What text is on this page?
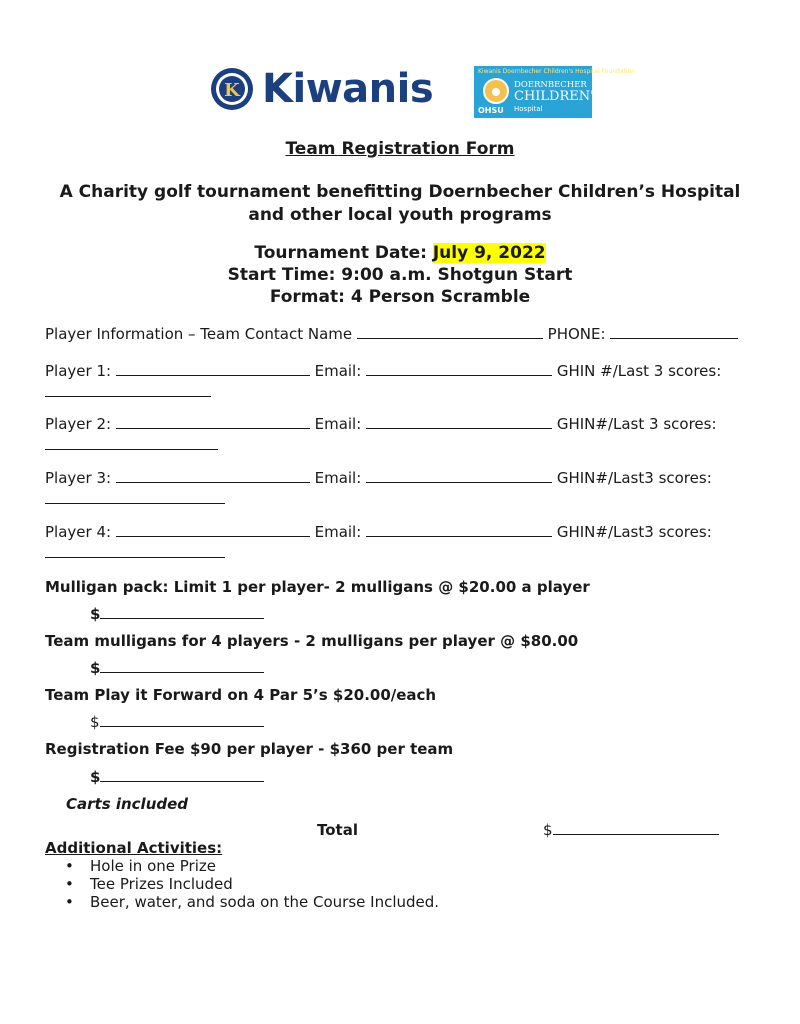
K Kiwanis	Kiwanis Doernbecher Children's Hospital Foundation
DOERNBECHER
CHILDREN'S
Hospital
OHSU
Team Registration Form
A Charity golf tournament benefitting Doernbecher Children’s Hospital
and other local youth programs
Tournament Date: July 9, 2022
Start Time: 9:00 a.m. Shotgun Start
Format: 4 Person Scramble
Player Information – Team Contact Name	PHONE:
Player 1:	Email:	GHIN #/Last 3 scores:
Player 2:	Email:	GHIN#/Last 3 scores:
Player 3:	Email:	GHIN#/Last3 scores:
Player 4:	Email:	GHIN#/Last3 scores:
Mulligan pack: Limit 1 per player- 2 mulligans @ $20.00 a player
$
Team mulligans for 4 players - 2 mulligans per player @ $80.00
$
Team Play it Forward on 4 Par 5’s $20.00/each
$
Registration Fee $90 per player - $360 per team
$
Carts included
Total	$
Additional Activities:
• Hole in one Prize
• Tee Prizes Included
• Beer, water, and soda on the Course Included.
